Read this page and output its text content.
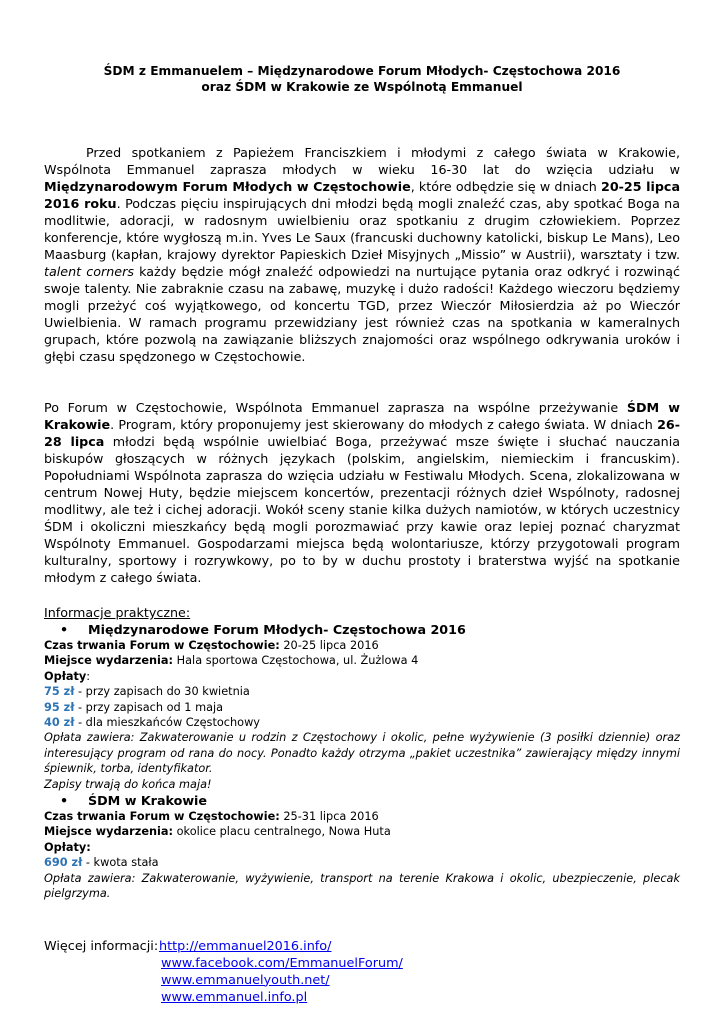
ŚDM z Emmanuelem – Międzynarodowe Forum Młodych- Częstochowa 2016
oraz ŚDM w Krakowie ze Wspólnotą Emmanuel

Przed spotkaniem z Papieżem Franciszkiem i młodymi z całego świata w Krakowie, Wspólnota Emmanuel zaprasza młodych w wieku 16-30 lat do wzięcia udziału w Międzynarodowym Forum Młodych w Częstochowie, które odbędzie się w dniach 20-25 lipca 2016 roku. Podczas pięciu inspirujących dni młodzi będą mogli znaleźć czas, aby spotkać Boga na modlitwie, adoracji, w radosnym uwielbieniu oraz spotkaniu z drugim człowiekiem. Poprzez konferencje, które wygłoszą m.in. Yves Le Saux (francuski duchowny katolicki, biskup Le Mans), Leo Maasburg (kapłan, krajowy dyrektor Papieskich Dzieł Misyjnych „Missio” w Austrii), warsztaty i tzw. talent corners każdy będzie mógł znaleźć odpowiedzi na nurtujące pytania oraz odkryć i rozwinąć swoje talenty. Nie zabraknie czasu na zabawę, muzykę i dużo radości! Każdego wieczoru będziemy mogli przeżyć coś wyjątkowego, od koncertu TGD, przez Wieczór Miłosierdzia aż po Wieczór Uwielbienia. W ramach programu przewidziany jest również czas na spotkania w kameralnych grupach, które pozwolą na zawiązanie bliższych znajomości oraz wspólnego odkrywania uroków i głębi czasu spędzonego w Częstochowie.

Po Forum w Częstochowie, Wspólnota Emmanuel zaprasza na wspólne przeżywanie ŚDM w Krakowie. Program, który proponujemy jest skierowany do młodych z całego świata. W dniach 26-28 lipca młodzi będą wspólnie uwielbiać Boga, przeżywać msze święte i słuchać nauczania biskupów głoszących w różnych językach (polskim, angielskim, niemieckim i francuskim). Popołudniami Wspólnota zaprasza do wzięcia udziału w Festiwalu Młodych. Scena, zlokalizowana w centrum Nowej Huty, będzie miejscem koncertów, prezentacji różnych dzieł Wspólnoty, radosnej modlitwy, ale też i cichej adoracji. Wokół sceny stanie kilka dużych namiotów, w których uczestnicy ŚDM i okoliczni mieszkańcy będą mogli porozmawiać przy kawie oraz lepiej poznać charyzmat Wspólnoty Emmanuel. Gospodarzami miejsca będą wolontariusze, którzy przygotowali program kulturalny, sportowy i rozrywkowy, po to by w duchu prostoty i braterstwa wyjść na spotkanie młodym z całego świata.

Informacje praktyczne:
• Międzynarodowe Forum Młodych- Częstochowa 2016
Czas trwania Forum w Częstochowie: 20-25 lipca 2016
Miejsce wydarzenia: Hala sportowa Częstochowa, ul. Żużlowa 4
Opłaty:
75 zł - przy zapisach do 30 kwietnia
95 zł - przy zapisach od 1 maja
40 zł - dla mieszkańców Częstochowy
Opłata zawiera: Zakwaterowanie u rodzin z Częstochowy i okolic, pełne wyżywienie (3 posiłki dziennie) oraz interesujący program od rana do nocy. Ponadto każdy otrzyma „pakiet uczestnika” zawierający między innymi śpiewnik, torba, identyfikator.
Zapisy trwają do końca maja!
• ŚDM w Krakowie
Czas trwania Forum w Częstochowie: 25-31 lipca 2016
Miejsce wydarzenia: okolice placu centralnego, Nowa Huta
Opłaty:
690 zł - kwota stała
Opłata zawiera: Zakwaterowanie, wyżywienie, transport na terenie Krakowa i okolic, ubezpieczenie, plecak pielgrzyma.
Więcej informacji: http://emmanuel2016.info/
www.facebook.com/EmmanuelForum/
www.emmanuelyouth.net/
www.emmanuel.info.pl
